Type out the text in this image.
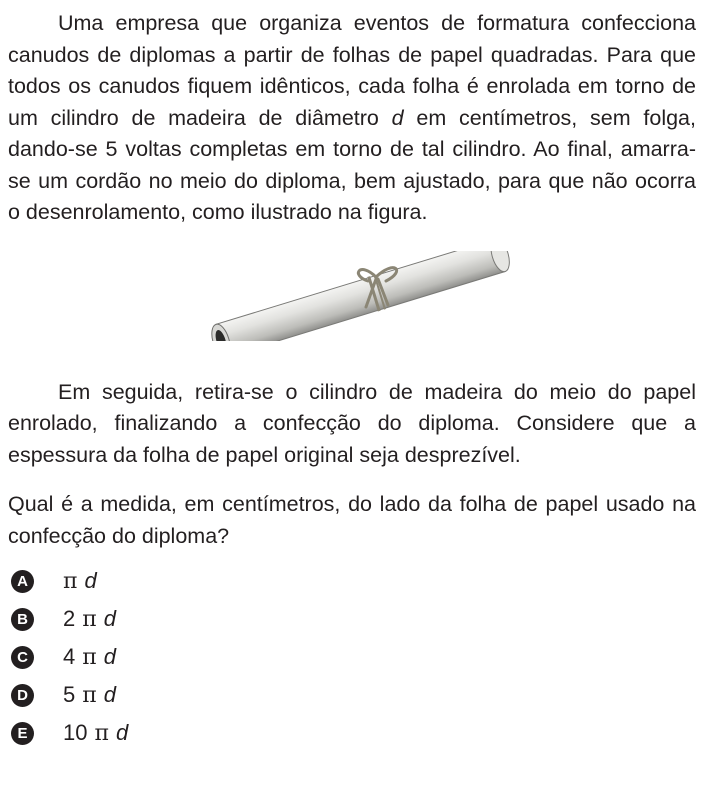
Uma empresa que organiza eventos de formatura confecciona canudos de diplomas a partir de folhas de papel quadradas. Para que todos os canudos fiquem idênticos, cada folha é enrolada em torno de um cilindro de madeira de diâmetro d em centímetros, sem folga, dando-se 5 voltas completas em torno de tal cilindro. Ao final, amarra-se um cordão no meio do diploma, bem ajustado, para que não ocorra o desenrolamento, como ilustrado na figura.

Em seguida, retira-se o cilindro de madeira do meio do papel enrolado, finalizando a confecção do diploma. Considere que a espessura da folha de papel original seja desprezível.

Qual é a medida, em centímetros, do lado da folha de papel usado na confecção do diploma?

A π d
B 2 π d
C 4 π d
D 5 π d
E 10 π d
